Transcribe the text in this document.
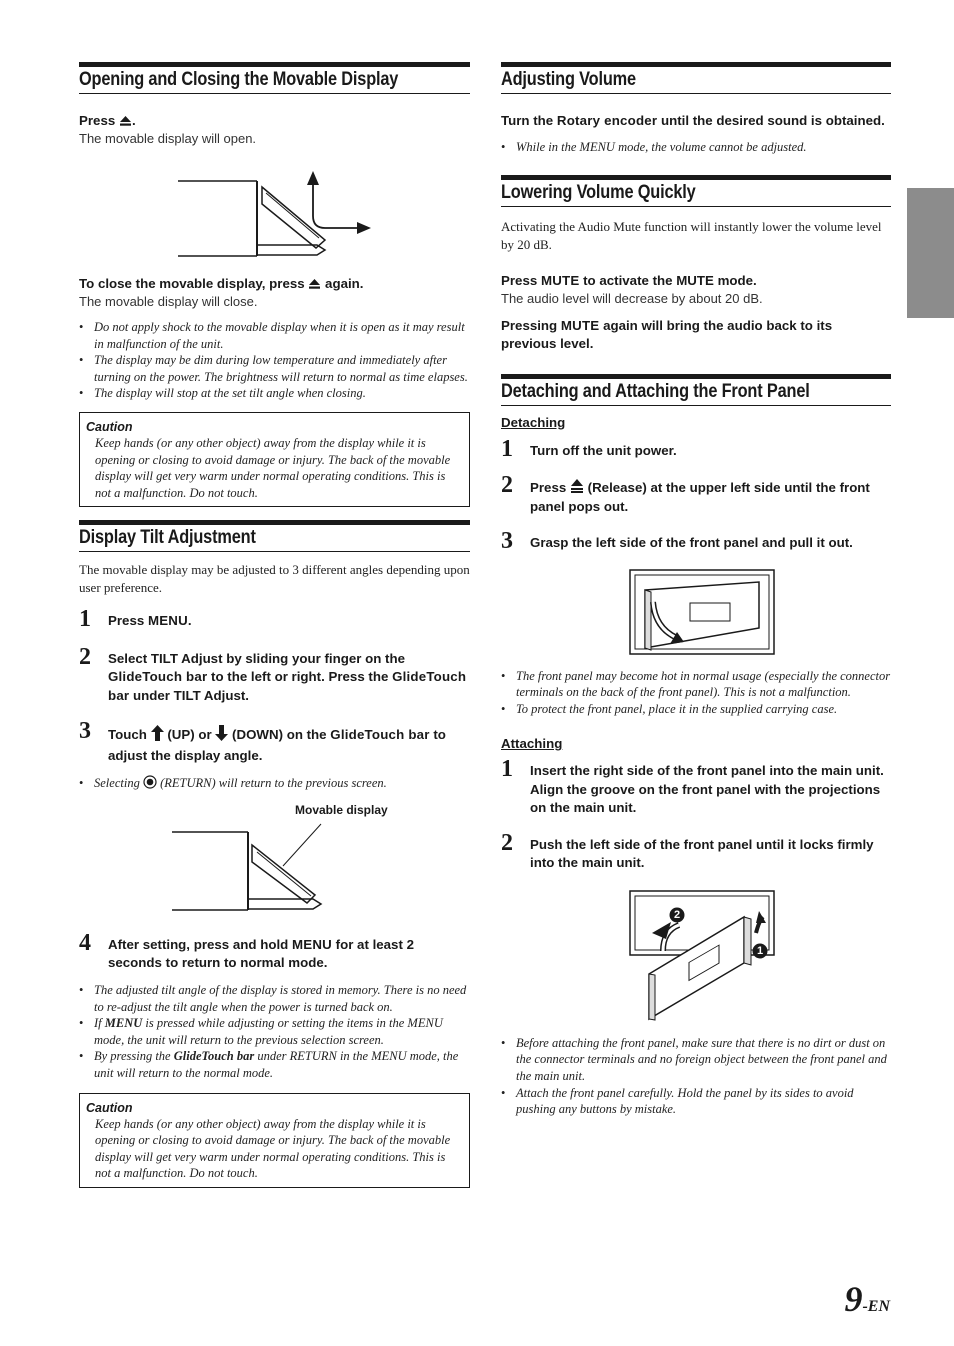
Opening and Closing the Movable Display

Press .

The movable display will open.

To close the movable display, press again.

The movable display will close.

• Do not apply shock to the movable display when it is open as it may result in malfunction of the unit.
• The display may be dim during low temperature and immediately after turning on the power. The brightness will return to normal as time elapses.
• The display will stop at the set tilt angle when closing.

Caution

Keep hands (or any other object) away from the display while it is opening or closing to avoid damage or injury. The back of the movable display will get very warm under normal operating conditions. This is not a malfunction. Do not touch.

Display Tilt Adjustment

The movable display may be adjusted to 3 different angles depending upon user preference.

1 Press MENU.

2 Select TILT Adjust by sliding your finger on the GlideTouch bar to the left or right. Press the GlideTouch bar under TILT Adjust.

3 Touch (UP) or (DOWN) on the GlideTouch bar to adjust the display angle.

• Selecting (RETURN) will return to the previous screen.
Movable display
4 After setting, press and hold MENU for at least 2 seconds to return to normal mode.

• The adjusted tilt angle of the display is stored in memory. There is no need to re-adjust the tilt angle when the power is turned back on.
• If MENU is pressed while adjusting or setting the items in the MENU mode, the unit will return to the previous selection screen.
• By pressing the GlideTouch bar under RETURN in the MENU mode, the unit will return to the normal mode.

Caution

Keep hands (or any other object) away from the display while it is opening or closing to avoid damage or injury. The back of the movable display will get very warm under normal operating conditions. This is not a malfunction. Do not touch.

Adjusting Volume

Turn the Rotary encoder until the desired sound is obtained.

• While in the MENU mode, the volume cannot be adjusted.
Lowering Volume Quickly

Activating the Audio Mute function will instantly lower the volume level by 20 dB.

Press MUTE to activate the MUTE mode.

The audio level will decrease by about 20 dB.

Pressing MUTE again will bring the audio back to its previous level.

Detaching and Attaching the Front Panel

Detaching

1 Turn off the unit power.

2 Press (Release) at the upper left side until the front panel pops out.

3 Grasp the left side of the front panel and pull it out.

• The front panel may become hot in normal usage (especially the connector terminals on the back of the front panel). This is not a malfunction.
• To protect the front panel, place it in the supplied carrying case.

Attaching

1 Insert the right side of the front panel into the main unit. Align the groove on the front panel with the projections on the main unit.

2 Push the left side of the front panel until it locks firmly into the main unit.

2
1
• Before attaching the front panel, make sure that there is no dirt or dust on the connector terminals and no foreign object between the front panel and the main unit.
• Attach the front panel carefully. Hold the panel by its sides to avoid pushing any buttons by mistake.
9-EN
